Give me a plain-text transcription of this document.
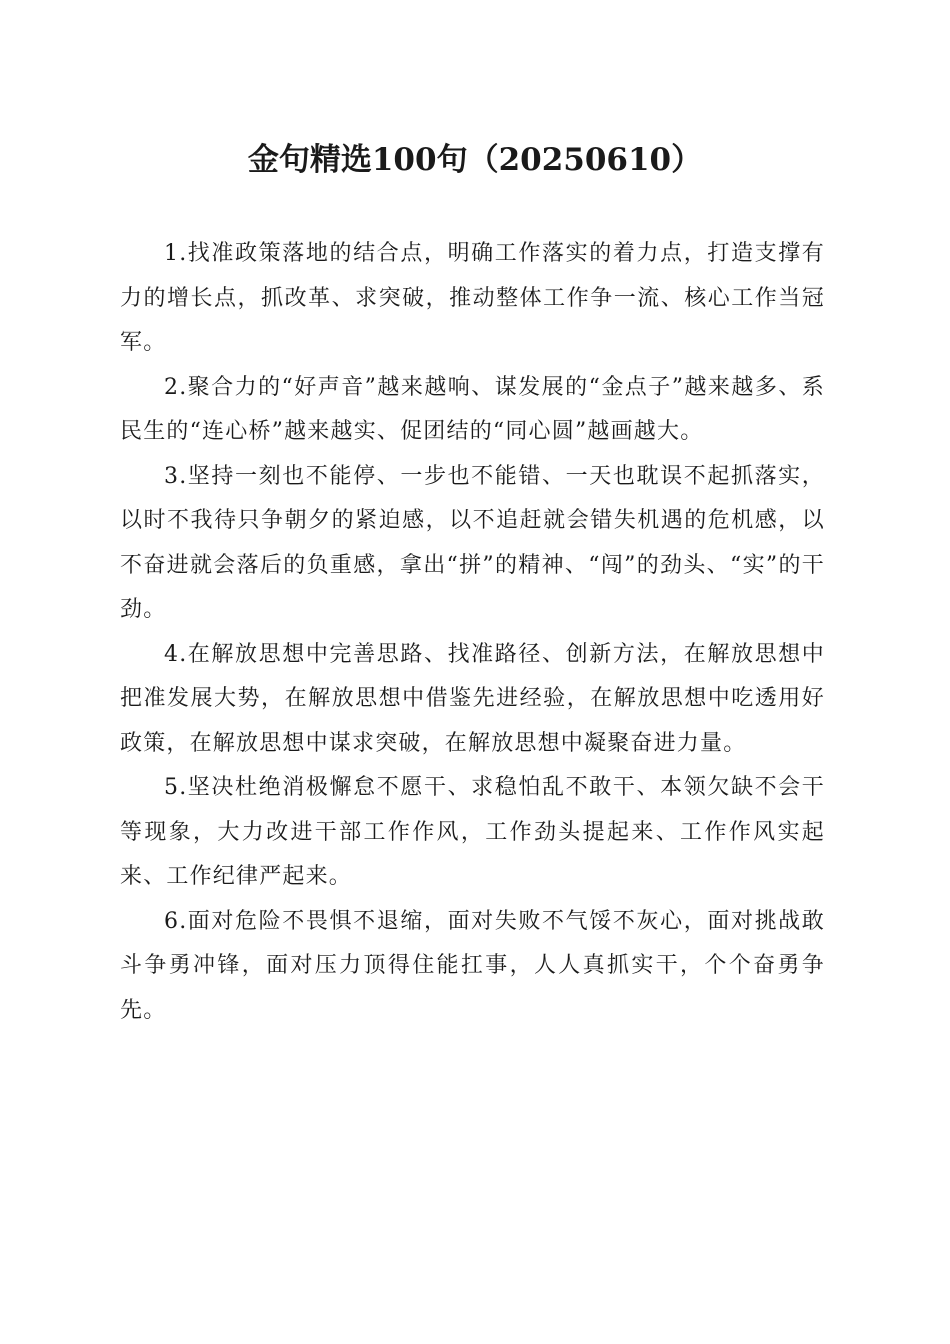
金句精选100句（20250610）

1.找准政策落地的结合点，明确工作落实的着力点，打造支撑有力的增长点，抓改革、求突破，推动整体工作争一流、核心工作当冠军。

2.聚合力的“好声音”越来越响、谋发展的“金点子”越来越多、系民生的“连心桥”越来越实、促团结的“同心圆”越画越大。

3.坚持一刻也不能停、一步也不能错、一天也耽误不起抓落实，以时不我待只争朝夕的紧迫感，以不追赶就会错失机遇的危机感，以不奋进就会落后的负重感，拿出“拼”的精神、“闯”的劲头、“实”的干劲。

4.在解放思想中完善思路、找准路径、创新方法，在解放思想中把准发展大势，在解放思想中借鉴先进经验，在解放思想中吃透用好政策，在解放思想中谋求突破，在解放思想中凝聚奋进力量。

5.坚决杜绝消极懈怠不愿干、求稳怕乱不敢干、本领欠缺不会干等现象，大力改进干部工作作风，工作劲头提起来、工作作风实起来、工作纪律严起来。

6.面对危险不畏惧不退缩，面对失败不气馁不灰心，面对挑战敢斗争勇冲锋，面对压力顶得住能扛事，人人真抓实干，个个奋勇争先。
